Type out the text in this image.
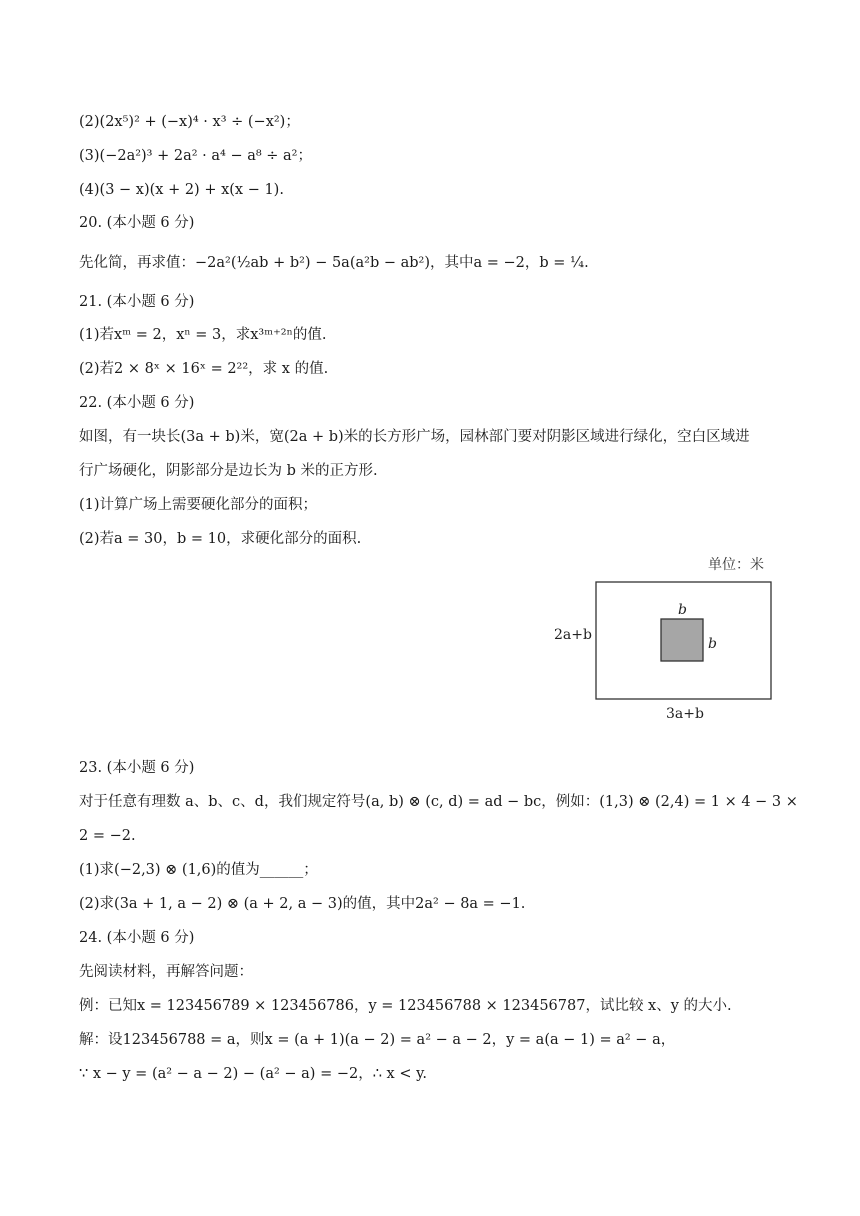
(2)(2x⁵)² + (−x)⁴ · x³ ÷ (−x²)；
(3)(−2a²)³ + 2a² · a⁴ − a⁸ ÷ a²；
(4)(3 − x)(x + 2) + x(x − 1).
20. (本小题 6 分)
先化简，再求值：−2a²(½ab + b²) − 5a(a²b − ab²)，其中a = −2，b = ¼.
21. (本小题 6 分)
(1)若xᵐ = 2，xⁿ = 3，求x³ᵐ⁺²ⁿ的值.
(2)若2 × 8ˣ × 16ˣ = 2²²，求 x 的值.
22. (本小题 6 分)
如图，有一块长(3a + b)米，宽(2a + b)米的长方形广场，园林部门要对阴影区域进行绿化，空白区域进
行广场硬化，阴影部分是边长为 b 米的正方形.
(1)计算广场上需要硬化部分的面积；
(2)若a = 30，b = 10，求硬化部分的面积.
单位：米
2a+b
b
b
3a+b
23. (本小题 6 分)
对于任意有理数 a、b、c、d，我们规定符号(a, b) ⊗ (c, d) = ad − bc，例如：(1,3) ⊗ (2,4) = 1 × 4 − 3 ×
2 = −2.
(1)求(−2,3) ⊗ (1,6)的值为______；
(2)求(3a + 1, a − 2) ⊗ (a + 2, a − 3)的值，其中2a² − 8a = −1.
24. (本小题 6 分)
先阅读材料，再解答问题：
例：已知x = 123456789 × 123456786，y = 123456788 × 123456787，试比较 x、y 的大小.
解：设123456788 = a，则x = (a + 1)(a − 2) = a² − a − 2，y = a(a − 1) = a² − a，
∵ x − y = (a² − a − 2) − (a² − a) = −2，∴ x < y.
